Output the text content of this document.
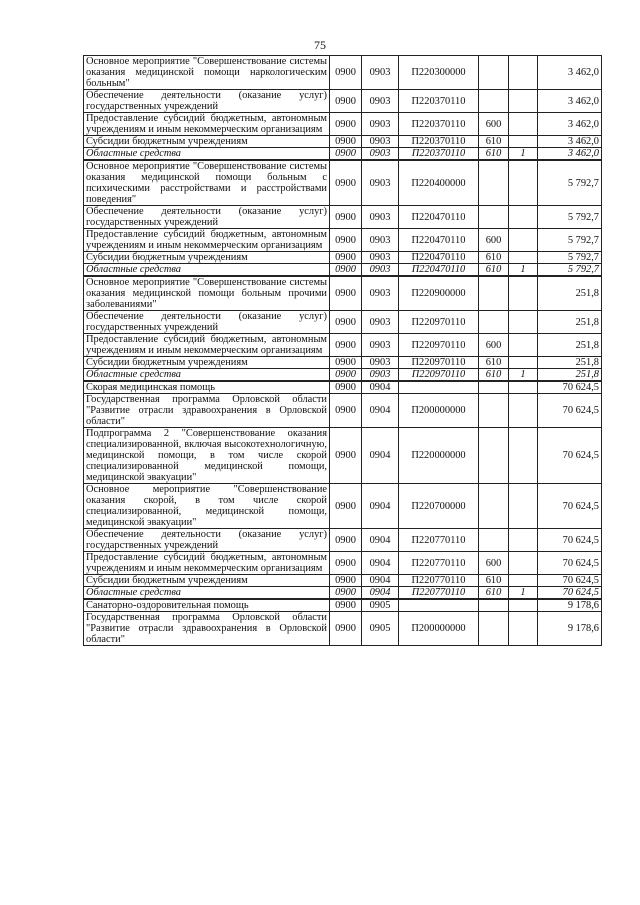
75
Основное мероприятие "Совершенствование системы оказания медицинской помощи наркологическим больным"	0900	0903	П220300000			3 462,0
Обеспечение деятельности (оказание услуг) государственных учреждений	0900	0903	П220370110			3 462,0
Предоставление субсидий бюджетным, автономным учреждениям и иным некоммерческим организациям	0900	0903	П220370110	600		3 462,0
Субсидии бюджетным учреждениям	0900	0903	П220370110	610		3 462,0
Областные средства	0900	0903	П220370110	610	1	3 462,0
Основное мероприятие "Совершенствование системы оказания медицинской помощи больным с психическими расстройствами и расстройствами поведения"	0900	0903	П220400000			5 792,7
Обеспечение деятельности (оказание услуг) государственных учреждений	0900	0903	П220470110			5 792,7
Предоставление субсидий бюджетным, автономным учреждениям и иным некоммерческим организациям	0900	0903	П220470110	600		5 792,7
Субсидии бюджетным учреждениям	0900	0903	П220470110	610		5 792,7
Областные средства	0900	0903	П220470110	610	1	5 792,7
Основное мероприятие "Совершенствование системы оказания медицинской помощи больным прочими заболеваниями"	0900	0903	П220900000			251,8
Обеспечение деятельности (оказание услуг) государственных учреждений	0900	0903	П220970110			251,8
Предоставление субсидий бюджетным, автономным учреждениям и иным некоммерческим организациям	0900	0903	П220970110	600		251,8
Субсидии бюджетным учреждениям	0900	0903	П220970110	610		251,8
Областные средства	0900	0903	П220970110	610	1	251,8
Скорая медицинская помощь	0900	0904				70 624,5
Государственная программа Орловской области "Развитие отрасли здравоохранения в Орловской области"	0900	0904	П200000000			70 624,5
Подпрограмма 2 "Совершенствование оказания специализированной, включая высокотехнологичную, медицинской помощи, в том числе скорой специализированной медицинской помощи, медицинской эвакуации"	0900	0904	П220000000			70 624,5
Основное мероприятие "Совершенствование оказания скорой, в том числе скорой специализированной, медицинской помощи, медицинской эвакуации"	0900	0904	П220700000			70 624,5
Обеспечение деятельности (оказание услуг) государственных учреждений	0900	0904	П220770110			70 624,5
Предоставление субсидий бюджетным, автономным учреждениям и иным некоммерческим организациям	0900	0904	П220770110	600		70 624,5
Субсидии бюджетным учреждениям	0900	0904	П220770110	610		70 624,5
Областные средства	0900	0904	П220770110	610	1	70 624,5
Санаторно-оздоровительная помощь	0900	0905				9 178,6
Государственная программа Орловской области "Развитие отрасли здравоохранения в Орловской области"	0900	0905	П200000000			9 178,6
